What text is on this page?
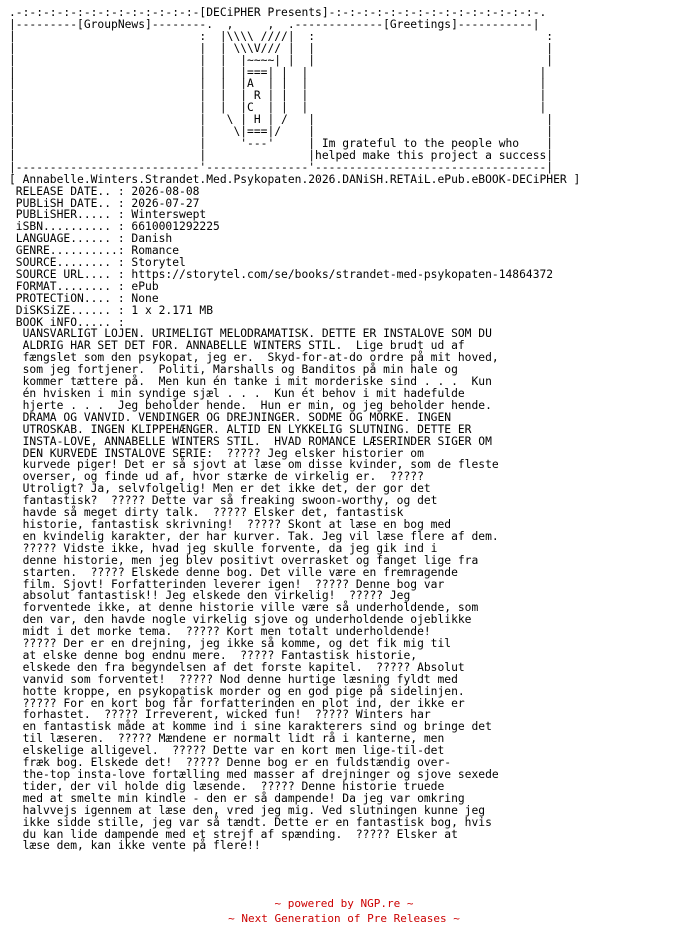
.-:-:-:-:-:-:-:-:-:-:-:-:-:-[DECiPHER Presents]-:-:-:-:-:-:-:-:-:-:-:-:-:-:-:-.
|---------[GroupNews]--------.  ,     ,  .-------------[Greetings]-----------|
|                           :  |\\\\ ////|  :                                  :
|                           |  | \\\V/// |  |                                  |
|                           |  |  |~~~~| |  |                                  |
|                           |  |  |===| |  |                                  |
|                           |  |  |A  | |  |                                  |
|                           |  |  | R | |  |                                  |
|                           |  |  |C  | |  |                                  |
|                           |   \ | H | /   |                                  |
|                           |    \|===|/    |                                  |
|                           |     '---'     | Im grateful to the people who    |
|                           |               |helped make this project a success|
|---------------------------'---------------'----------------------------------|
[ Annabelle.Winters.Strandet.Med.Psykopaten.2026.DANiSH.RETAiL.ePub.eBOOK-DECiPHER ]
RELEASE DATE.. : 2026-08-08
PUBLiSH DATE.. : 2026-07-27
PUBLiSHER..... : Winterswept
iSBN.......... : 6610001292225
LANGUAGE...... : Danish
GENRE..........: Romance
SOURCE........ : Storytel
SOURCE URL.... : https://storytel.com/se/books/strandet-med-psykopaten-14864372
FORMAT........ : ePub
PROTECTiON.... : None
DiSKSiZE...... : 1 x 2.171 MB
BOOK iNFO..... :
UANSVARLIGT LOJEN. URIMELIGT MELODRAMATISK. DETTE ER INSTALOVE SOM DU
ALDRIG HAR SET DET FOR. ANNABELLE WINTERS STIL.  Lige brudt ud af
fængslet som den psykopat, jeg er.  Skyd-for-at-do ordre på mit hoved,
som jeg fortjener.  Politi, Marshalls og Banditos på min hale og
kommer tættere på.  Men kun én tanke i mit morderiske sind . . .  Kun
én hvisken i min syndige sjæl . . .  Kun ét behov i mit hadefulde
hjerte . . .  Jeg beholder hende.  Hun er min, og jeg beholder hende.
DRAMA OG VANVID. VENDINGER OG DREJNINGER. SODME OG MORKE. INGEN
UTROSKAB. INGEN KLIPPEHÆNGER. ALTID EN LYKKELIG SLUTNING. DETTE ER
INSTA-LOVE, ANNABELLE WINTERS STIL.  HVAD ROMANCE LÆSERINDER SIGER OM
DEN KURVEDE INSTALOVE SERIE:  ????? Jeg elsker historier om
kurvede piger! Det er så sjovt at læse om disse kvinder, som de fleste
overser, og finde ud af, hvor stærke de virkelig er.  ?????
Utroligt? Ja, selvfolgelig! Men er det ikke det, der gor det
fantastisk?  ????? Dette var så freaking swoon-worthy, og det
havde så meget dirty talk.  ????? Elsker det, fantastisk
historie, fantastisk skrivning!  ????? Skont at læse en bog med
en kvindelig karakter, der har kurver. Tak. Jeg vil læse flere af dem.
????? Vidste ikke, hvad jeg skulle forvente, da jeg gik ind i
denne historie, men jeg blev positivt overrasket og fanget lige fra
starten.  ????? Elskede denne bog. Det ville være en fremragende
film. Sjovt! Forfatterinden leverer igen!  ????? Denne bog var
absolut fantastisk!! Jeg elskede den virkelig!  ????? Jeg
forventede ikke, at denne historie ville være så underholdende, som
den var, den havde nogle virkelig sjove og underholdende ojeblikke
midt i det morke tema.  ????? Kort men totalt underholdende!
????? Der er en drejning, jeg ikke så komme, og det fik mig til
at elske denne bog endnu mere.  ????? Fantastisk historie,
elskede den fra begyndelsen af det forste kapitel.  ????? Absolut
vanvid som forventet!  ????? Nod denne hurtige læsning fyldt med
hotte kroppe, en psykopatisk morder og en god pige på sidelinjen.
????? For en kort bog får forfatterinden en plot ind, der ikke er
forhastet.  ????? Irreverent, wicked fun!  ????? Winters har
en fantastisk måde at komme ind i sine karakterers sind og bringe det
til læseren.  ????? Mændene er normalt lidt rå i kanterne, men
elskelige alligevel.  ????? Dette var en kort men lige-til-det
fræk bog. Elskede det!  ????? Denne bog er en fuldstændig over-
the-top insta-love fortælling med masser af drejninger og sjove sexede
tider, der vil holde dig læsende.  ????? Denne historie truede
med at smelte min kindle - den er så dampende! Da jeg var omkring
halvvejs igennem at læse den, vred jeg mig. Ved slutningen kunne jeg
ikke sidde stille, jeg var så tændt. Dette er en fantastisk bog, hvis
du kan lide dampende med et strejf af spænding.  ????? Elsker at
læse dem, kan ikke vente på flere!!

~ powered by NGP.re ~
~ Next Generation of Pre Releases ~
